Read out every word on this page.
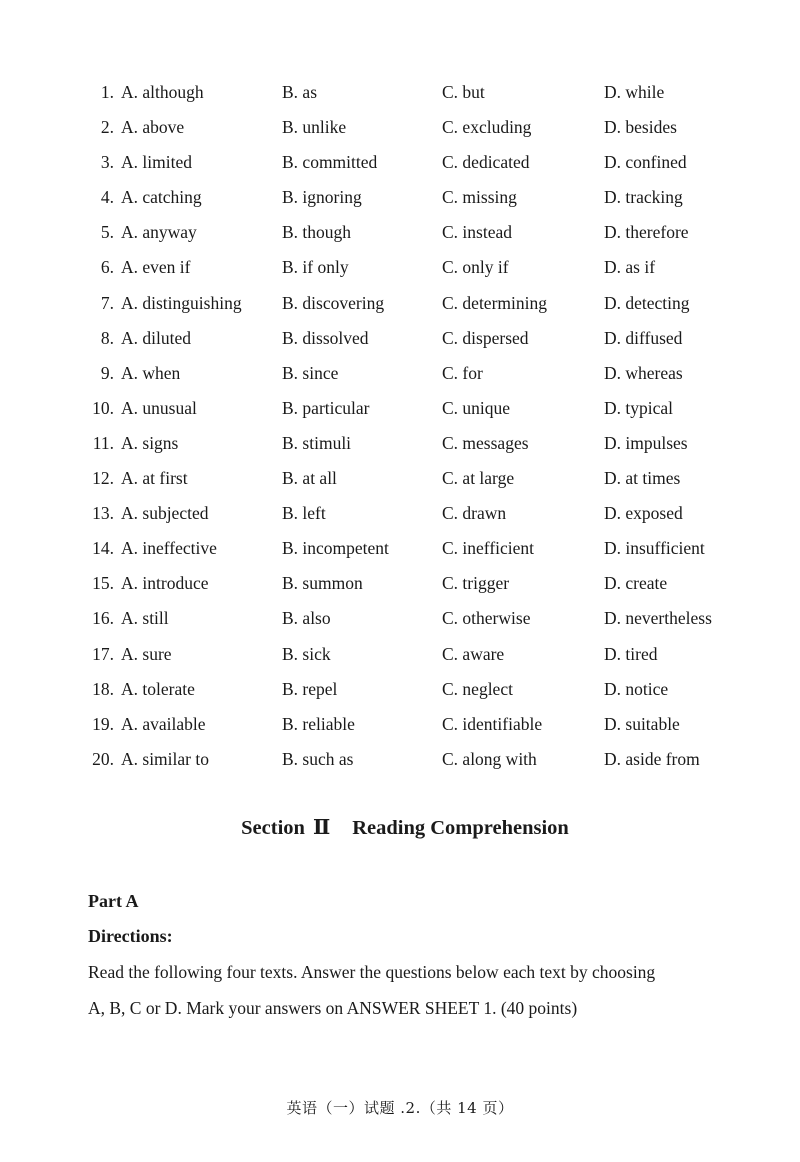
1. A. although	B. as	C. but	D. while
2. A. above	B. unlike	C. excluding	D. besides
3. A. limited	B. committed	C. dedicated	D. confined
4. A. catching	B. ignoring	C. missing	D. tracking
5. A. anyway	B. though	C. instead	D. therefore
6. A. even if	B. if only	C. only if	D. as if
7. A. distinguishing B. discovering	C. determining	D. detecting
8. A. diluted	B. dissolved	C. dispersed	D. diffused
9. A. when	B. since	C. for	D. whereas
10. A. unusual	B. particular	C. unique	D. typical
11. A. signs	B. stimuli	C. messages	D. impulses
12. A. at first	B. at all	C. at large	D. at times
13. A. subjected	B. left	C. drawn	D. exposed
14. A. ineffective	B. incompetent	C. inefficient	D. insufficient
15. A. introduce	B. summon	C. trigger	D. create
16. A. still	B. also	C. otherwise	D. nevertheless
17. A. sure	B. sick	C. aware	D. tired
18. A. tolerate	B. repel	C. neglect	D. notice
19. A. available	B. reliable	C. identifiable	D. suitable
20. A. similar to	B. such as	C. along with	D. aside from
Section Ⅱ Reading Comprehension
Part A
Directions:
Read the following four texts. Answer the questions below each text by choosing
A, B, C or D. Mark your answers on ANSWER SHEET 1. (40 points)
英语（一）试题 .2.（共 14 页）
